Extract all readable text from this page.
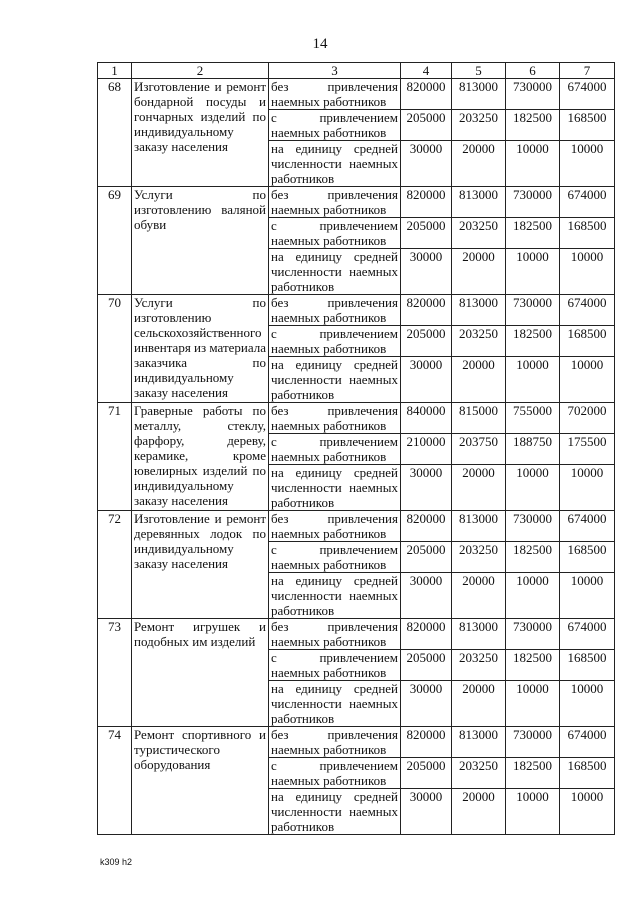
14
1	2	3	4	5	6	7
68	Изготовление и ремонт бондарной посуды и гончарных изделий по индивидуальному заказу населения	без привлечения наемных работников	820000	813000	730000	674000
		с привлечением наемных работников	205000	203250	182500	168500
		на единицу средней численности наемных работников	30000	20000	10000	10000
69	Услуги по изготовлению валяной обуви	без привлечения наемных работников	820000	813000	730000	674000
		с привлечением наемных работников	205000	203250	182500	168500
		на единицу средней численности наемных работников	30000	20000	10000	10000
70	Услуги по изготовлению сельскохозяйственного инвентаря из материала заказчика по индивидуальному заказу населения	без привлечения наемных работников	820000	813000	730000	674000
		с привлечением наемных работников	205000	203250	182500	168500
		на единицу средней численности наемных работников	30000	20000	10000	10000
71	Граверные работы по металлу, стеклу, фарфору, дереву, керамике, кроме ювелирных изделий по индивидуальному заказу населения	без привлечения наемных работников	840000	815000	755000	702000
		с привлечением наемных работников	210000	203750	188750	175500
		на единицу средней численности наемных работников	30000	20000	10000	10000
72	Изготовление и ремонт деревянных лодок по индивидуальному заказу населения	без привлечения наемных работников	820000	813000	730000	674000
		с привлечением наемных работников	205000	203250	182500	168500
		на единицу средней численности наемных работников	30000	20000	10000	10000
73	Ремонт игрушек и подобных им изделий	без привлечения наемных работников	820000	813000	730000	674000
		с привлечением наемных работников	205000	203250	182500	168500
		на единицу средней численности наемных работников	30000	20000	10000	10000
74	Ремонт спортивного и туристического оборудования	без привлечения наемных работников	820000	813000	730000	674000
		с привлечением наемных работников	205000	203250	182500	168500
		на единицу средней численности наемных работников	30000	20000	10000	10000
k309 h2
